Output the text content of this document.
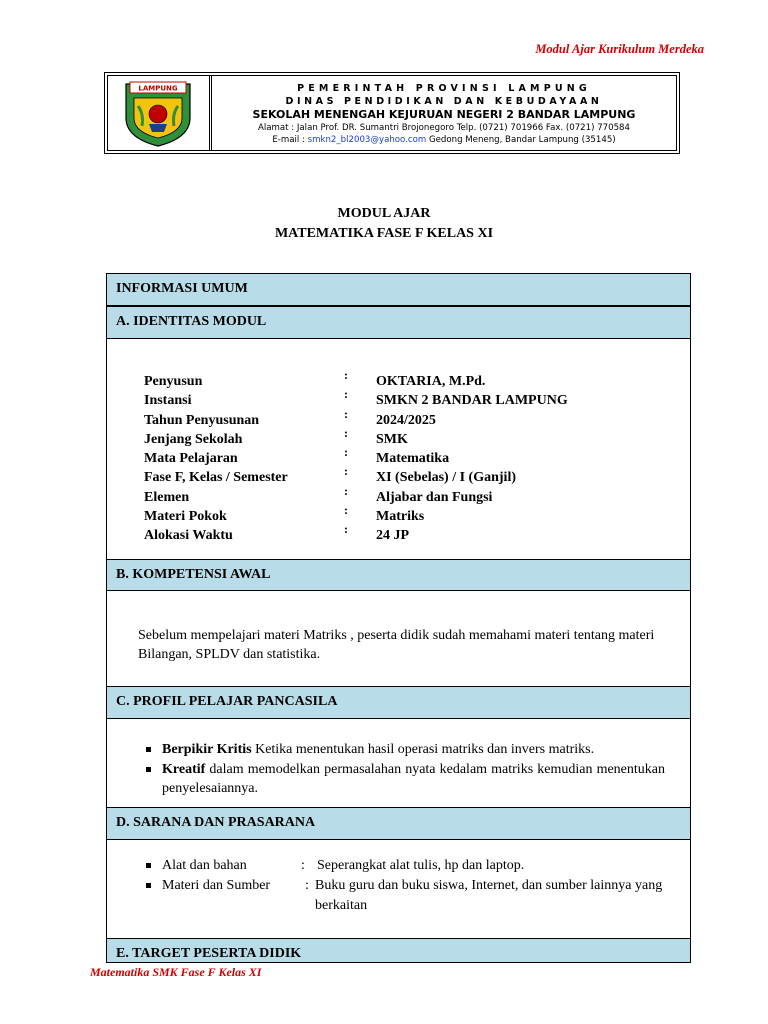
Modul Ajar Kurikulum Merdeka
LAMPUNG	PEMERINTAH PROVINSI LAMPUNG
DINAS PENDIDIKAN DAN KEBUDAYAAN
SEKOLAH MENENGAH KEJURUAN NEGERI 2 BANDAR LAMPUNG
Alamat : Jalan Prof. DR. Sumantri Brojonegoro Telp. (0721) 701966 Fax. (0721) 770584
E-mail : smkn2_bl2003@yahoo.com Gedong Meneng, Bandar Lampung (35145)
MODUL AJAR
MATEMATIKA FASE F KELAS XI
INFORMASI UMUM
A. IDENTITAS MODUL
Penyusun	: OKTARIA, M.Pd.
Instansi	: SMKN 2 BANDAR LAMPUNG
Tahun Penyusunan	: 2024/2025
Jenjang Sekolah	: SMK
Mata Pelajaran	: Matematika
Fase F, Kelas / Semester	: XI (Sebelas) / I (Ganjil)
Elemen	: Aljabar dan Fungsi
Materi Pokok	: Matriks
Alokasi Waktu	: 24 JP
B. KOMPETENSI AWAL
Sebelum mempelajari materi Matriks , peserta didik sudah memahami materi tentang materi Bilangan, SPLDV dan statistika.
C. PROFIL PELAJAR PANCASILA
Berpikir Kritis Ketika menentukan hasil operasi matriks dan invers matriks.
Kreatif dalam memodelkan permasalahan nyata kedalam matriks kemudian menentukan penyelesaiannya.
D. SARANA DAN PRASARANA
Alat dan bahan	: Seperangkat alat tulis, hp dan laptop.
Materi dan Sumber : Buku guru dan buku siswa, Internet, dan sumber lainnya yang berkaitan
E. TARGET PESERTA DIDIK
Matematika SMK Fase F Kelas XI
